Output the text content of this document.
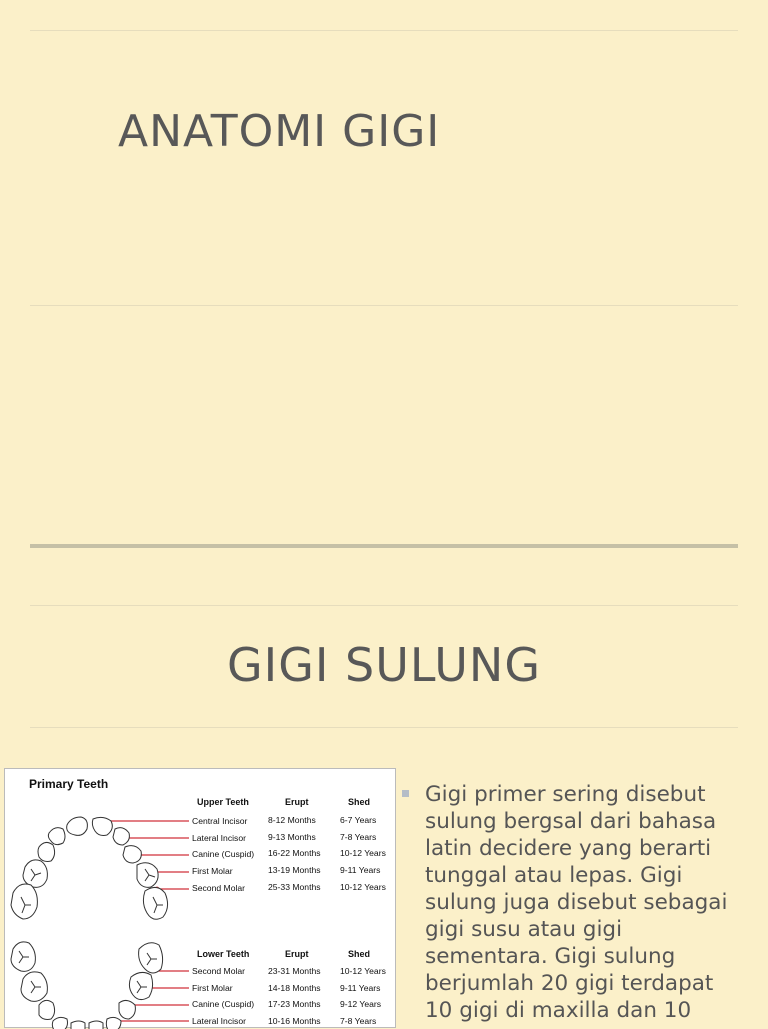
ANATOMI GIGI
GIGI SULUNG
Primary Teeth
Upper Teeth	Erupt	Shed
Central Incisor 8-12 Months	6-7 Years
Lateral Incisor	9-13 Months	7-8 Years
Canine (Cuspid) 16-22 Months 10-12 Years
First Molar	13-19 Months 9-11 Years
Second Molar	25-33 Months 10-12 Years
Lower Teeth	Erupt	Shed
Second Molar	23-31 Months 10-12 Years
First Molar	14-18 Months 9-11 Years
Canine (Cuspid) 17-23 Months 9-12 Years
Lateral Incisor	10-16 Months 7-8 Years

Gigi primer sering disebut sulung bergsal dari bahasa latin decidere yang berarti tunggal atau lepas. Gigi sulung juga disebut sebagai gigi susu atau gigi sementara. Gigi sulung berjumlah 20 gigi terdapat 10 gigi di maxilla dan 10
